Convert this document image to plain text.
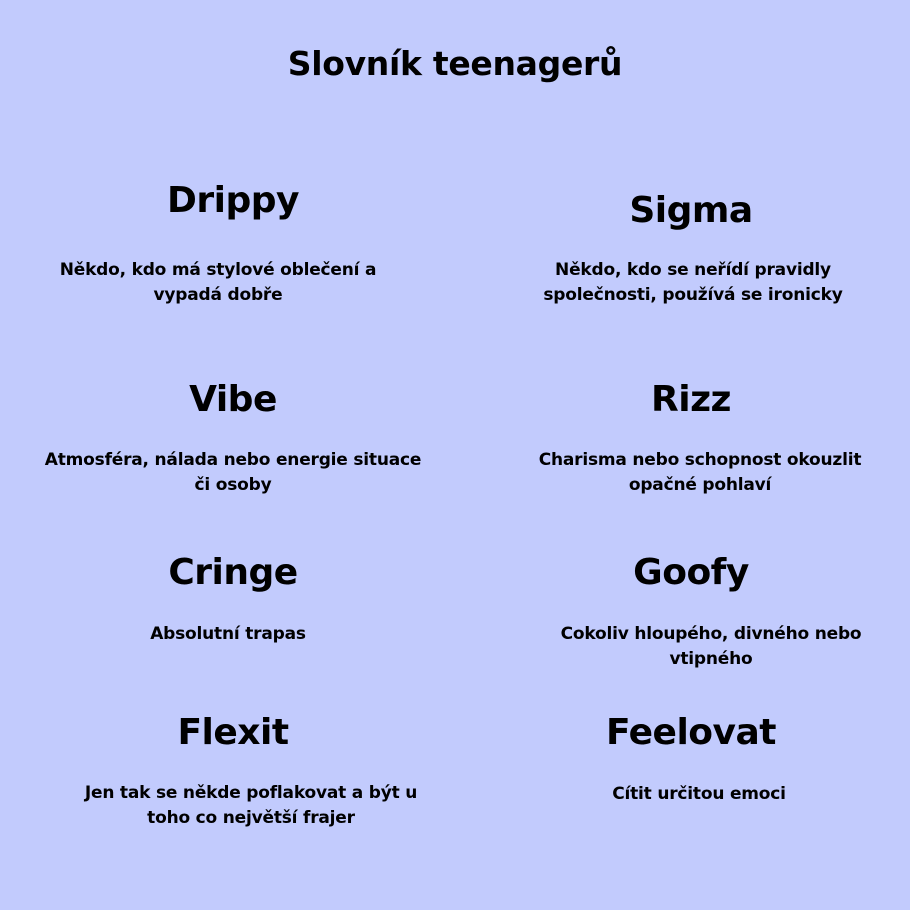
Slovník teenagerů
Drippy
Někdo, kdo má stylové oblečení a vypadá dobře
Sigma
Někdo, kdo se neřídí pravidly společnosti, používá se ironicky
Vibe
Atmosféra, nálada nebo energie situace či osoby
Rizz
Charisma nebo schopnost okouzlit opačné pohlaví
Cringe
Absolutní trapas
Goofy
Cokoliv hloupého, divného nebo vtipného
Flexit
Jen tak se někde poflakovat a být u toho co největší frajer
Feelovat
Cítit určitou emoci
